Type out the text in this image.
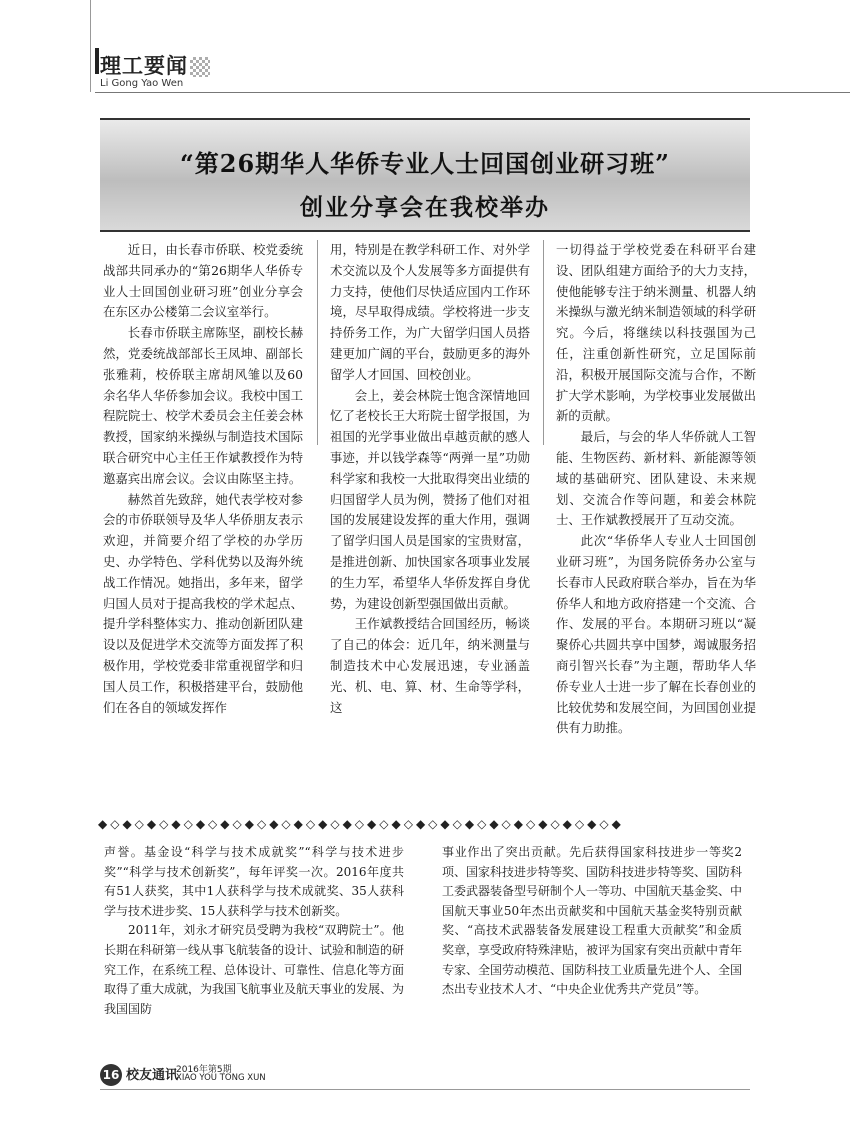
理工要闻
Li Gong Yao Wen
“第26期华人华侨专业人士回国创业研习班”
创业分享会在我校举办

近日，由长春市侨联、校党委统战部共同承办的“第26期华人华侨专业人士回国创业研习班”创业分享会在东区办公楼第二会议室举行。

长春市侨联主席陈坚，副校长赫然，党委统战部部长王凤坤、副部长张雅莉，校侨联主席胡风雏以及60余名华人华侨参加会议。我校中国工程院院士、校学术委员会主任姜会林教授，国家纳米操纵与制造技术国际联合研究中心主任王作斌教授作为特邀嘉宾出席会议。会议由陈坚主持。

赫然首先致辞，她代表学校对参会的市侨联领导及华人华侨朋友表示欢迎，并简要介绍了学校的办学历史、办学特色、学科优势以及海外统战工作情况。她指出，多年来，留学归国人员对于提高我校的学术起点、提升学科整体实力、推动创新团队建设以及促进学术交流等方面发挥了积极作用，学校党委非常重视留学和归国人员工作，积极搭建平台，鼓励他们在各自的领域发挥作

用，特别是在教学科研工作、对外学术交流以及个人发展等多方面提供有力支持，使他们尽快适应国内工作环境，尽早取得成绩。学校将进一步支持侨务工作，为广大留学归国人员搭建更加广阔的平台，鼓励更多的海外留学人才回国、回校创业。

会上，姜会林院士饱含深情地回忆了老校长王大珩院士留学报国，为祖国的光学事业做出卓越贡献的感人事迹，并以钱学森等“两弹一星”功勋科学家和我校一大批取得突出业绩的归国留学人员为例，赞扬了他们对祖国的发展建设发挥的重大作用，强调了留学归国人员是国家的宝贵财富，是推进创新、加快国家各项事业发展的生力军，希望华人华侨发挥自身优势，为建设创新型强国做出贡献。

王作斌教授结合回国经历，畅谈了自己的体会：近几年，纳米测量与制造技术中心发展迅速，专业涵盖光、机、电、算、材、生命等学科，这

一切得益于学校党委在科研平台建设、团队组建方面给予的大力支持，使他能够专注于纳米测量、机器人纳米操纵与激光纳米制造领域的科学研究。今后，将继续以科技强国为己任，注重创新性研究，立足国际前沿，积极开展国际交流与合作，不断扩大学术影响，为学校事业发展做出新的贡献。

最后，与会的华人华侨就人工智能、生物医药、新材料、新能源等领域的基础研究、团队建设、未来规划、交流合作等问题，和姜会林院士、王作斌教授展开了互动交流。

此次“华侨华人专业人士回国创业研习班”，为国务院侨务办公室与长春市人民政府联合举办，旨在为华侨华人和地方政府搭建一个交流、合作、发展的平台。本期研习班以“凝聚侨心共圆共享中国梦，竭诚服务招商引智兴长春”为主题，帮助华人华侨专业人士进一步了解在长春创业的比较优势和发展空间，为回国创业提供有力助推。

◆◇◆◇◆◇◆◇◆◇◆◇◆◇◆◇◆◇◆◇◆◇◆◇◆◇◆◇◆◇◆◇◆◇◆◇◆◇◆◇◆◇◆

声誉。基金设“科学与技术成就奖”“科学与技术进步奖”“科学与技术创新奖”，每年评奖一次。2016年度共有51人获奖，其中1人获科学与技术成就奖、35人获科学与技术进步奖、15人获科学与技术创新奖。

2011年，刘永才研究员受聘为我校“双聘院士”。他长期在科研第一线从事飞航装备的设计、试验和制造的研究工作，在系统工程、总体设计、可靠性、信息化等方面取得了重大成就，为我国飞航事业及航天事业的发展、为我国国防

事业作出了突出贡献。先后获得国家科技进步一等奖2项、国家科技进步特等奖、国防科技进步特等奖、国防科工委武器装备型号研制个人一等功、中国航天基金奖、中国航天事业50年杰出贡献奖和中国航天基金奖特别贡献奖、“高技术武器装备发展建设工程重大贡献奖”和金质奖章，享受政府特殊津贴，被评为国家有突出贡献中青年专家、全国劳动模范、国防科技工业质量先进个人、全国杰出专业技术人才、“中央企业优秀共产党员”等。

16 校友通讯
2016年第5期
XIAO YOU TONG XUN
